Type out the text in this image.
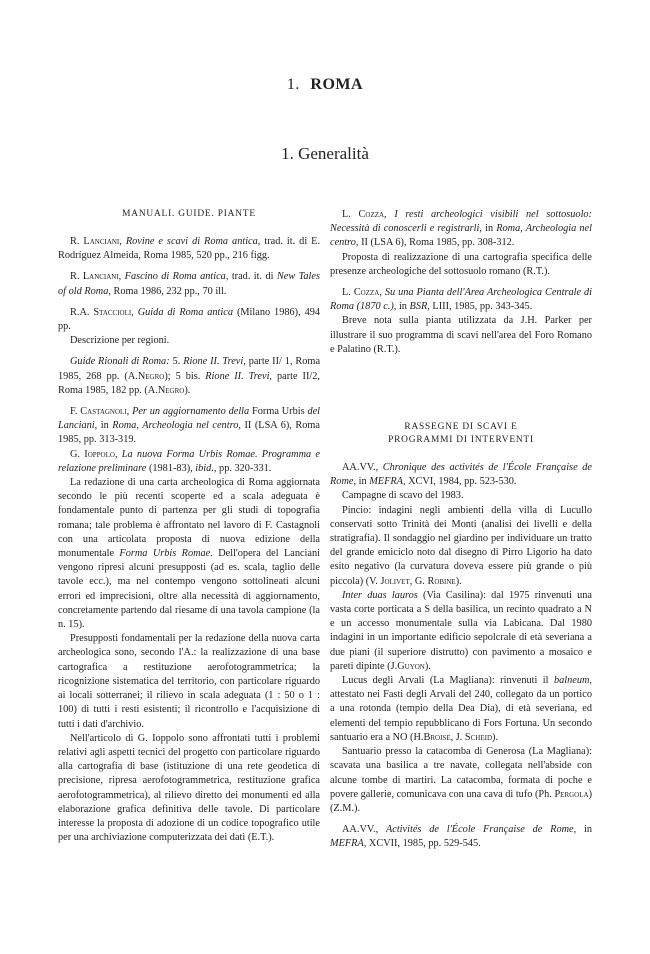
1. ROMA
1. Generalità
MANUALI. GUIDE. PIANTE

R. Lanciani, Rovine e scavi di Roma antica, trad. it. di E. Rodríguez Almeida, Roma 1985, 520 pp., 216 figg.

R. Lanciani, Fascino di Roma antica, trad. it. di New Tales of old Roma, Roma 1986, 232 pp., 70 ill.

R.A. Staccioli, Guida di Roma antica (Milano 1986), 494 pp.

Descrizione per regioni.

Guide Rionali di Roma: 5. Rione II. Trevi, parte II/ 1, Roma 1985, 268 pp. (A.Negro); 5 bis. Rione II. Trevi, parte II/2, Roma 1985, 182 pp. (A.Negro).

F. Castagnoli, Per un aggiornamento della Forma Urbis del Lanciani, in Roma, Archeologia nel centro, II (LSA 6), Roma 1985, pp. 313-319.

G. Ioppolo, La nuova Forma Urbis Romae. Programma e relazione preliminare (1981-83), ibid., pp. 320-331.

La redazione di una carta archeologica di Roma aggiornata secondo le più recenti scoperte ed a scala adeguata è fondamentale punto di partenza per gli studi di topografia romana; tale problema è affrontato nel lavoro di F. Castagnoli con una articolata proposta di nuova edizione della monumentale Forma Urbis Romae. Dell'opera del Lanciani vengono ripresi alcuni presupposti (ad es. scala, taglio delle tavole ecc.), ma nel contempo vengono sottolineati alcuni errori ed imprecisioni, oltre alla necessità di aggiornamento, concretamente partendo dal riesame di una tavola campione (la n. 15).

Presupposti fondamentali per la redazione della nuova carta archeologica sono, secondo l'A.: la realizzazione di una base cartografica a restituzione aerofotogrammetrica; la ricognizione sistematica del territorio, con particolare riguardo ai locali sotterranei; il rilievo in scala adeguata (1 : 50 o 1 : 100) di tutti i resti esistenti; il ricontrollo e l'acquisizione di tutti i dati d'archivio.

Nell'articolo di G. Ioppolo sono affrontati tutti i problemi relativi agli aspetti tecnici del progetto con particolare riguardo alla cartografia di base (istituzione di una rete geodetica di precisione, ripresa aerofotogrammetrica, restituzione grafica aerofotogrammetrica), al rilievo diretto dei monumenti ed alla elaborazione grafica definitiva delle tavole. Di particolare interesse la proposta di adozione di un codice topografico utile per una archiviazione computerizzata dei dati (E.T.).

L. Cozza, I resti archeologici visibili nel sottosuolo: Necessità di conoscerli e registrarli, in Roma, Archeologia nel centro, II (LSA 6), Roma 1985, pp. 308-312.

Proposta di realizzazione di una cartografia specifica delle presenze archeologiche del sottosuolo romano (R.T.).

L. Cozza, Su una Pianta dell'Area Archeologica Centrale di Roma (1870 c.), in BSR, LIII, 1985, pp. 343-345.

Breve nota sulla pianta utilizzata da J.H. Parker per illustrare il suo programma di scavi nell'area del Foro Romano e Palatino (R.T.).

RASSEGNE DI SCAVI E
PROGRAMMI DI INTERVENTI

AA.VV., Chronique des activités de l'École Française de Rome, in MEFRA, XCVI, 1984, pp. 523-530.

Campagne di scavo del 1983.

Pincio: indagini negli ambienti della villa di Lucullo conservati sotto Trinità dei Monti (analisi dei livelli e della stratigrafia). Il sondaggio nel giardino per individuare un tratto del grande emiciclo noto dal disegno di Pirro Ligorio ha dato esito negativo (la curvatura doveva essere più grande o più piccola) (V. Jolivet, G. Robine).

Inter duas lauros (Via Casilina): dal 1975 rinvenuti una vasta corte porticata a S della basilica, un recinto quadrato a N e un accesso monumentale sulla via Labicana. Dal 1980 indagini in un importante edificio sepolcrale di età severiana a due piani (il superiore distrutto) con pavimento a mosaico e pareti dipinte (J.Guyon).

Lucus degli Arvali (La Magliana): rinvenuti il balneum, attestato nei Fasti degli Arvali del 240, collegato da un portico a una rotonda (tempio della Dea Dia), di età severiana, ed elementi del tempio repubblicano di Fors Fortuna. Un secondo santuario era a NO (H.Broise, J. Scheid).

Santuario presso la catacomba di Generosa (La Magliana): scavata una basilica a tre navate, collegata nell'abside con alcune tombe di martiri. La catacomba, formata di poche e povere gallerie, comunicava con una cava di tufo (Ph. Pergola) (Z.M.).

AA.VV., Activités de l'École Française de Rome, in MEFRA, XCVII, 1985, pp. 529-545.
